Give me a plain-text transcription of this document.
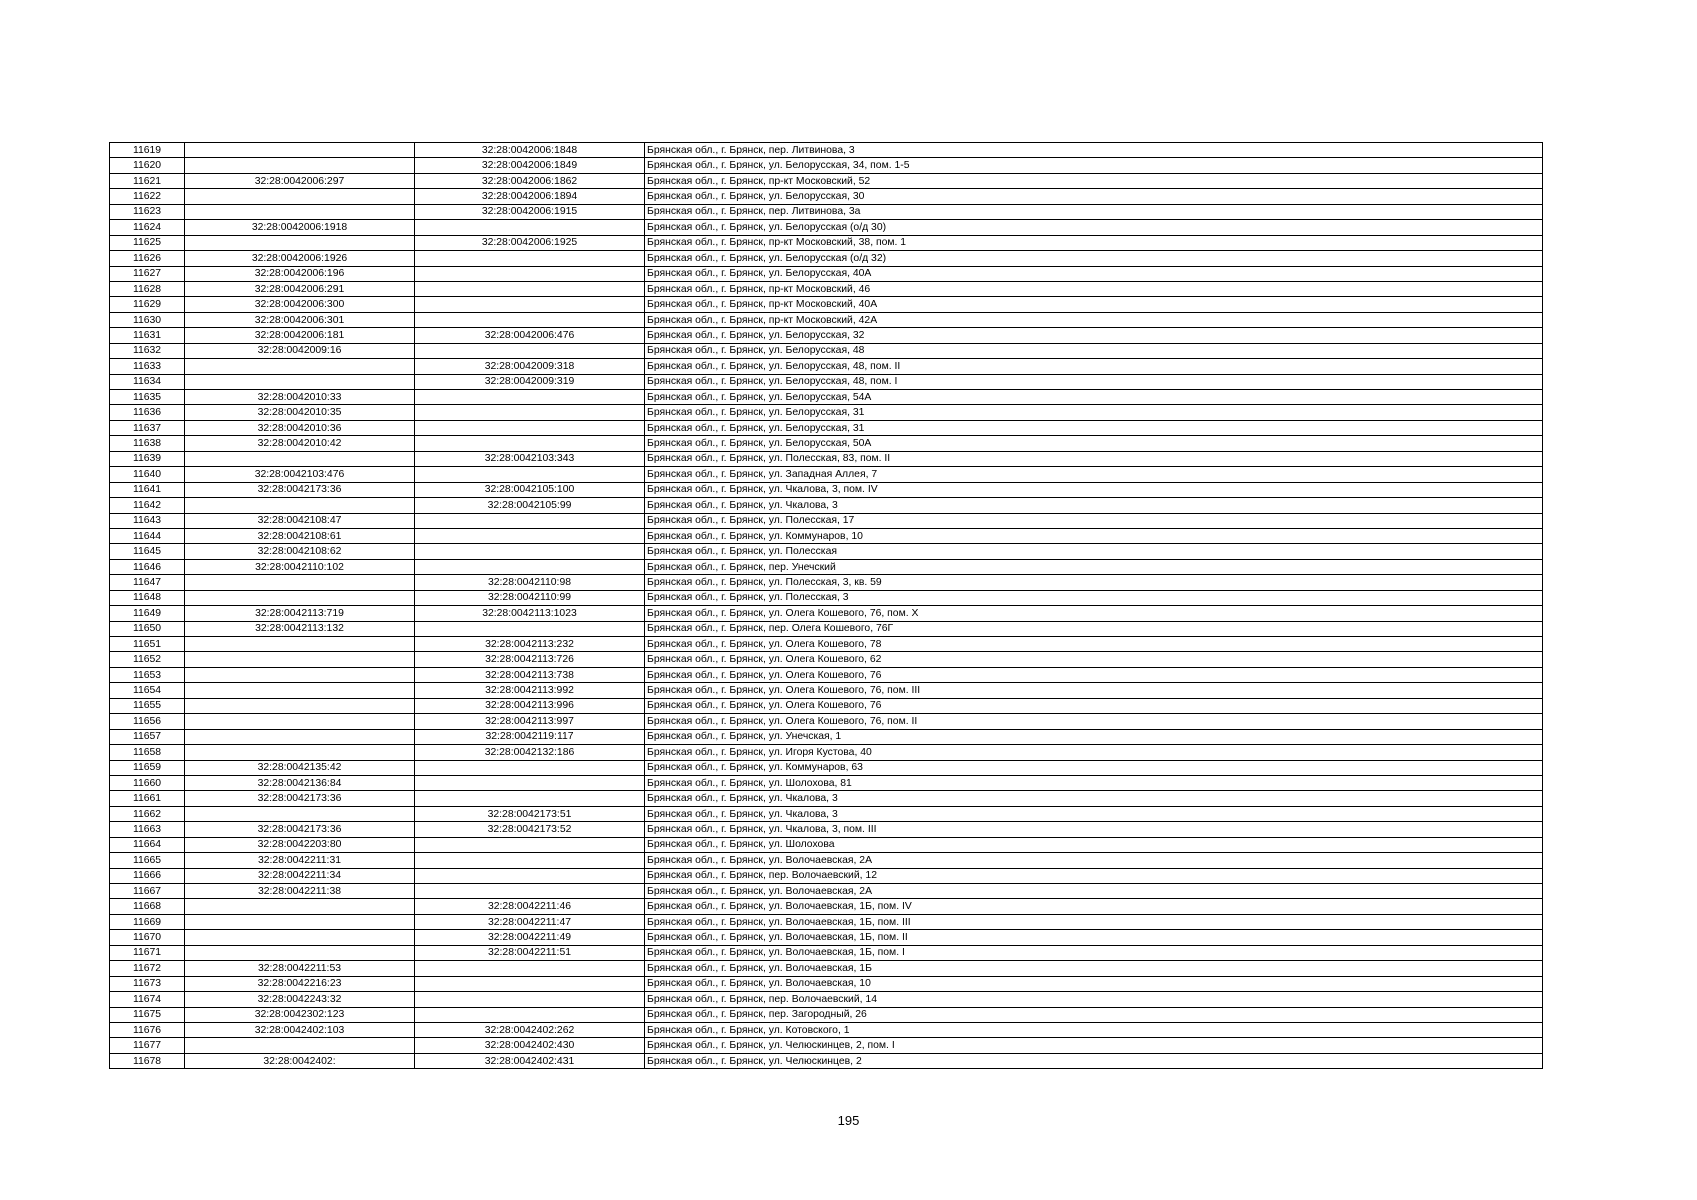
11619		32:28:0042006:1848	Брянская обл., г. Брянск, пер. Литвинова, 3
11620		32:28:0042006:1849	Брянская обл., г. Брянск, ул. Белорусская, 34, пом. 1-5
11621	32:28:0042006:297	32:28:0042006:1862	Брянская обл., г. Брянск, пр-кт Московский, 52
11622		32:28:0042006:1894	Брянская обл., г. Брянск, ул. Белорусская, 30
11623		32:28:0042006:1915	Брянская обл., г. Брянск, пер. Литвинова, 3а
11624	32:28:0042006:1918		Брянская обл., г. Брянск, ул. Белорусская (о/д 30)
11625		32:28:0042006:1925	Брянская обл., г. Брянск, пр-кт Московский, 38, пом. 1
11626	32:28:0042006:1926		Брянская обл., г. Брянск, ул. Белорусская (о/д 32)
11627	32:28:0042006:196		Брянская обл., г. Брянск, ул. Белорусская, 40А
11628	32:28:0042006:291		Брянская обл., г. Брянск, пр-кт Московский, 46
11629	32:28:0042006:300		Брянская обл., г. Брянск, пр-кт Московский, 40А
11630	32:28:0042006:301		Брянская обл., г. Брянск, пр-кт Московский, 42А
11631	32:28:0042006:181	32:28:0042006:476	Брянская обл., г. Брянск, ул. Белорусская, 32
11632	32:28:0042009:16		Брянская обл., г. Брянск, ул. Белорусская, 48
11633		32:28:0042009:318	Брянская обл., г. Брянск, ул. Белорусская, 48, пом. II
11634		32:28:0042009:319	Брянская обл., г. Брянск, ул. Белорусская, 48, пом. I
11635	32:28:0042010:33		Брянская обл., г. Брянск, ул. Белорусская, 54А
11636	32:28:0042010:35		Брянская обл., г. Брянск, ул. Белорусская, 31
11637	32:28:0042010:36		Брянская обл., г. Брянск, ул. Белорусская, 31
11638	32:28:0042010:42		Брянская обл., г. Брянск, ул. Белорусская, 50А
11639		32:28:0042103:343	Брянская обл., г. Брянск, ул. Полесская, 83, пом. II
11640	32:28:0042103:476		Брянская обл., г. Брянск, ул. Западная Аллея, 7
11641	32:28:0042173:36	32:28:0042105:100	Брянская обл., г. Брянск, ул. Чкалова, 3, пом. IV
11642		32:28:0042105:99	Брянская обл., г. Брянск, ул. Чкалова, 3
11643	32:28:0042108:47		Брянская обл., г. Брянск, ул. Полесская, 17
11644	32:28:0042108:61		Брянская обл., г. Брянск, ул. Коммунаров, 10
11645	32:28:0042108:62		Брянская обл., г. Брянск, ул. Полесская
11646	32:28:0042110:102		Брянская обл., г. Брянск, пер. Унечский
11647		32:28:0042110:98	Брянская обл., г. Брянск, ул. Полесская, 3, кв. 59
11648		32:28:0042110:99	Брянская обл., г. Брянск, ул. Полесская, 3
11649	32:28:0042113:719	32:28:0042113:1023	Брянская обл., г. Брянск, ул. Олега Кошевого, 76, пом. X
11650	32:28:0042113:132		Брянская обл., г. Брянск, пер. Олега Кошевого, 76Г
11651		32:28:0042113:232	Брянская обл., г. Брянск, ул. Олега Кошевого, 78
11652		32:28:0042113:726	Брянская обл., г. Брянск, ул. Олега Кошевого, 62
11653		32:28:0042113:738	Брянская обл., г. Брянск, ул. Олега Кошевого, 76
11654		32:28:0042113:992	Брянская обл., г. Брянск, ул. Олега Кошевого, 76, пом. III
11655		32:28:0042113:996	Брянская обл., г. Брянск, ул. Олега Кошевого, 76
11656		32:28:0042113:997	Брянская обл., г. Брянск, ул. Олега Кошевого, 76, пом. II
11657		32:28:0042119:117	Брянская обл., г. Брянск, ул. Унечская, 1
11658		32:28:0042132:186	Брянская обл., г. Брянск, ул. Игоря Кустова, 40
11659	32:28:0042135:42		Брянская обл., г. Брянск, ул. Коммунаров, 63
11660	32:28:0042136:84		Брянская обл., г. Брянск, ул. Шолохова, 81
11661	32:28:0042173:36		Брянская обл., г. Брянск, ул. Чкалова, 3
11662		32:28:0042173:51	Брянская обл., г. Брянск, ул. Чкалова, 3
11663	32:28:0042173:36	32:28:0042173:52	Брянская обл., г. Брянск, ул. Чкалова, 3, пом. III
11664	32:28:0042203:80		Брянская обл., г. Брянск, ул. Шолохова
11665	32:28:0042211:31		Брянская обл., г. Брянск, ул. Волочаевская, 2А
11666	32:28:0042211:34		Брянская обл., г. Брянск, пер. Волочаевский, 12
11667	32:28:0042211:38		Брянская обл., г. Брянск, ул. Волочаевская, 2А
11668		32:28:0042211:46	Брянская обл., г. Брянск, ул. Волочаевская, 1Б, пом. IV
11669		32:28:0042211:47	Брянская обл., г. Брянск, ул. Волочаевская, 1Б, пом. III
11670		32:28:0042211:49	Брянская обл., г. Брянск, ул. Волочаевская, 1Б, пом. II
11671		32:28:0042211:51	Брянская обл., г. Брянск, ул. Волочаевская, 1Б, пом. I
11672	32:28:0042211:53		Брянская обл., г. Брянск, ул. Волочаевская, 1Б
11673	32:28:0042216:23		Брянская обл., г. Брянск, ул. Волочаевская, 10
11674	32:28:0042243:32		Брянская обл., г. Брянск, пер. Волочаевский, 14
11675	32:28:0042302:123		Брянская обл., г. Брянск, пер. Загородный, 26
11676	32:28:0042402:103	32:28:0042402:262	Брянская обл., г. Брянск, ул. Котовского, 1
11677		32:28:0042402:430	Брянская обл., г. Брянск, ул. Челюскинцев, 2, пом. I
11678	32:28:0042402:	32:28:0042402:431	Брянская обл., г. Брянск, ул. Челюскинцев, 2
195
